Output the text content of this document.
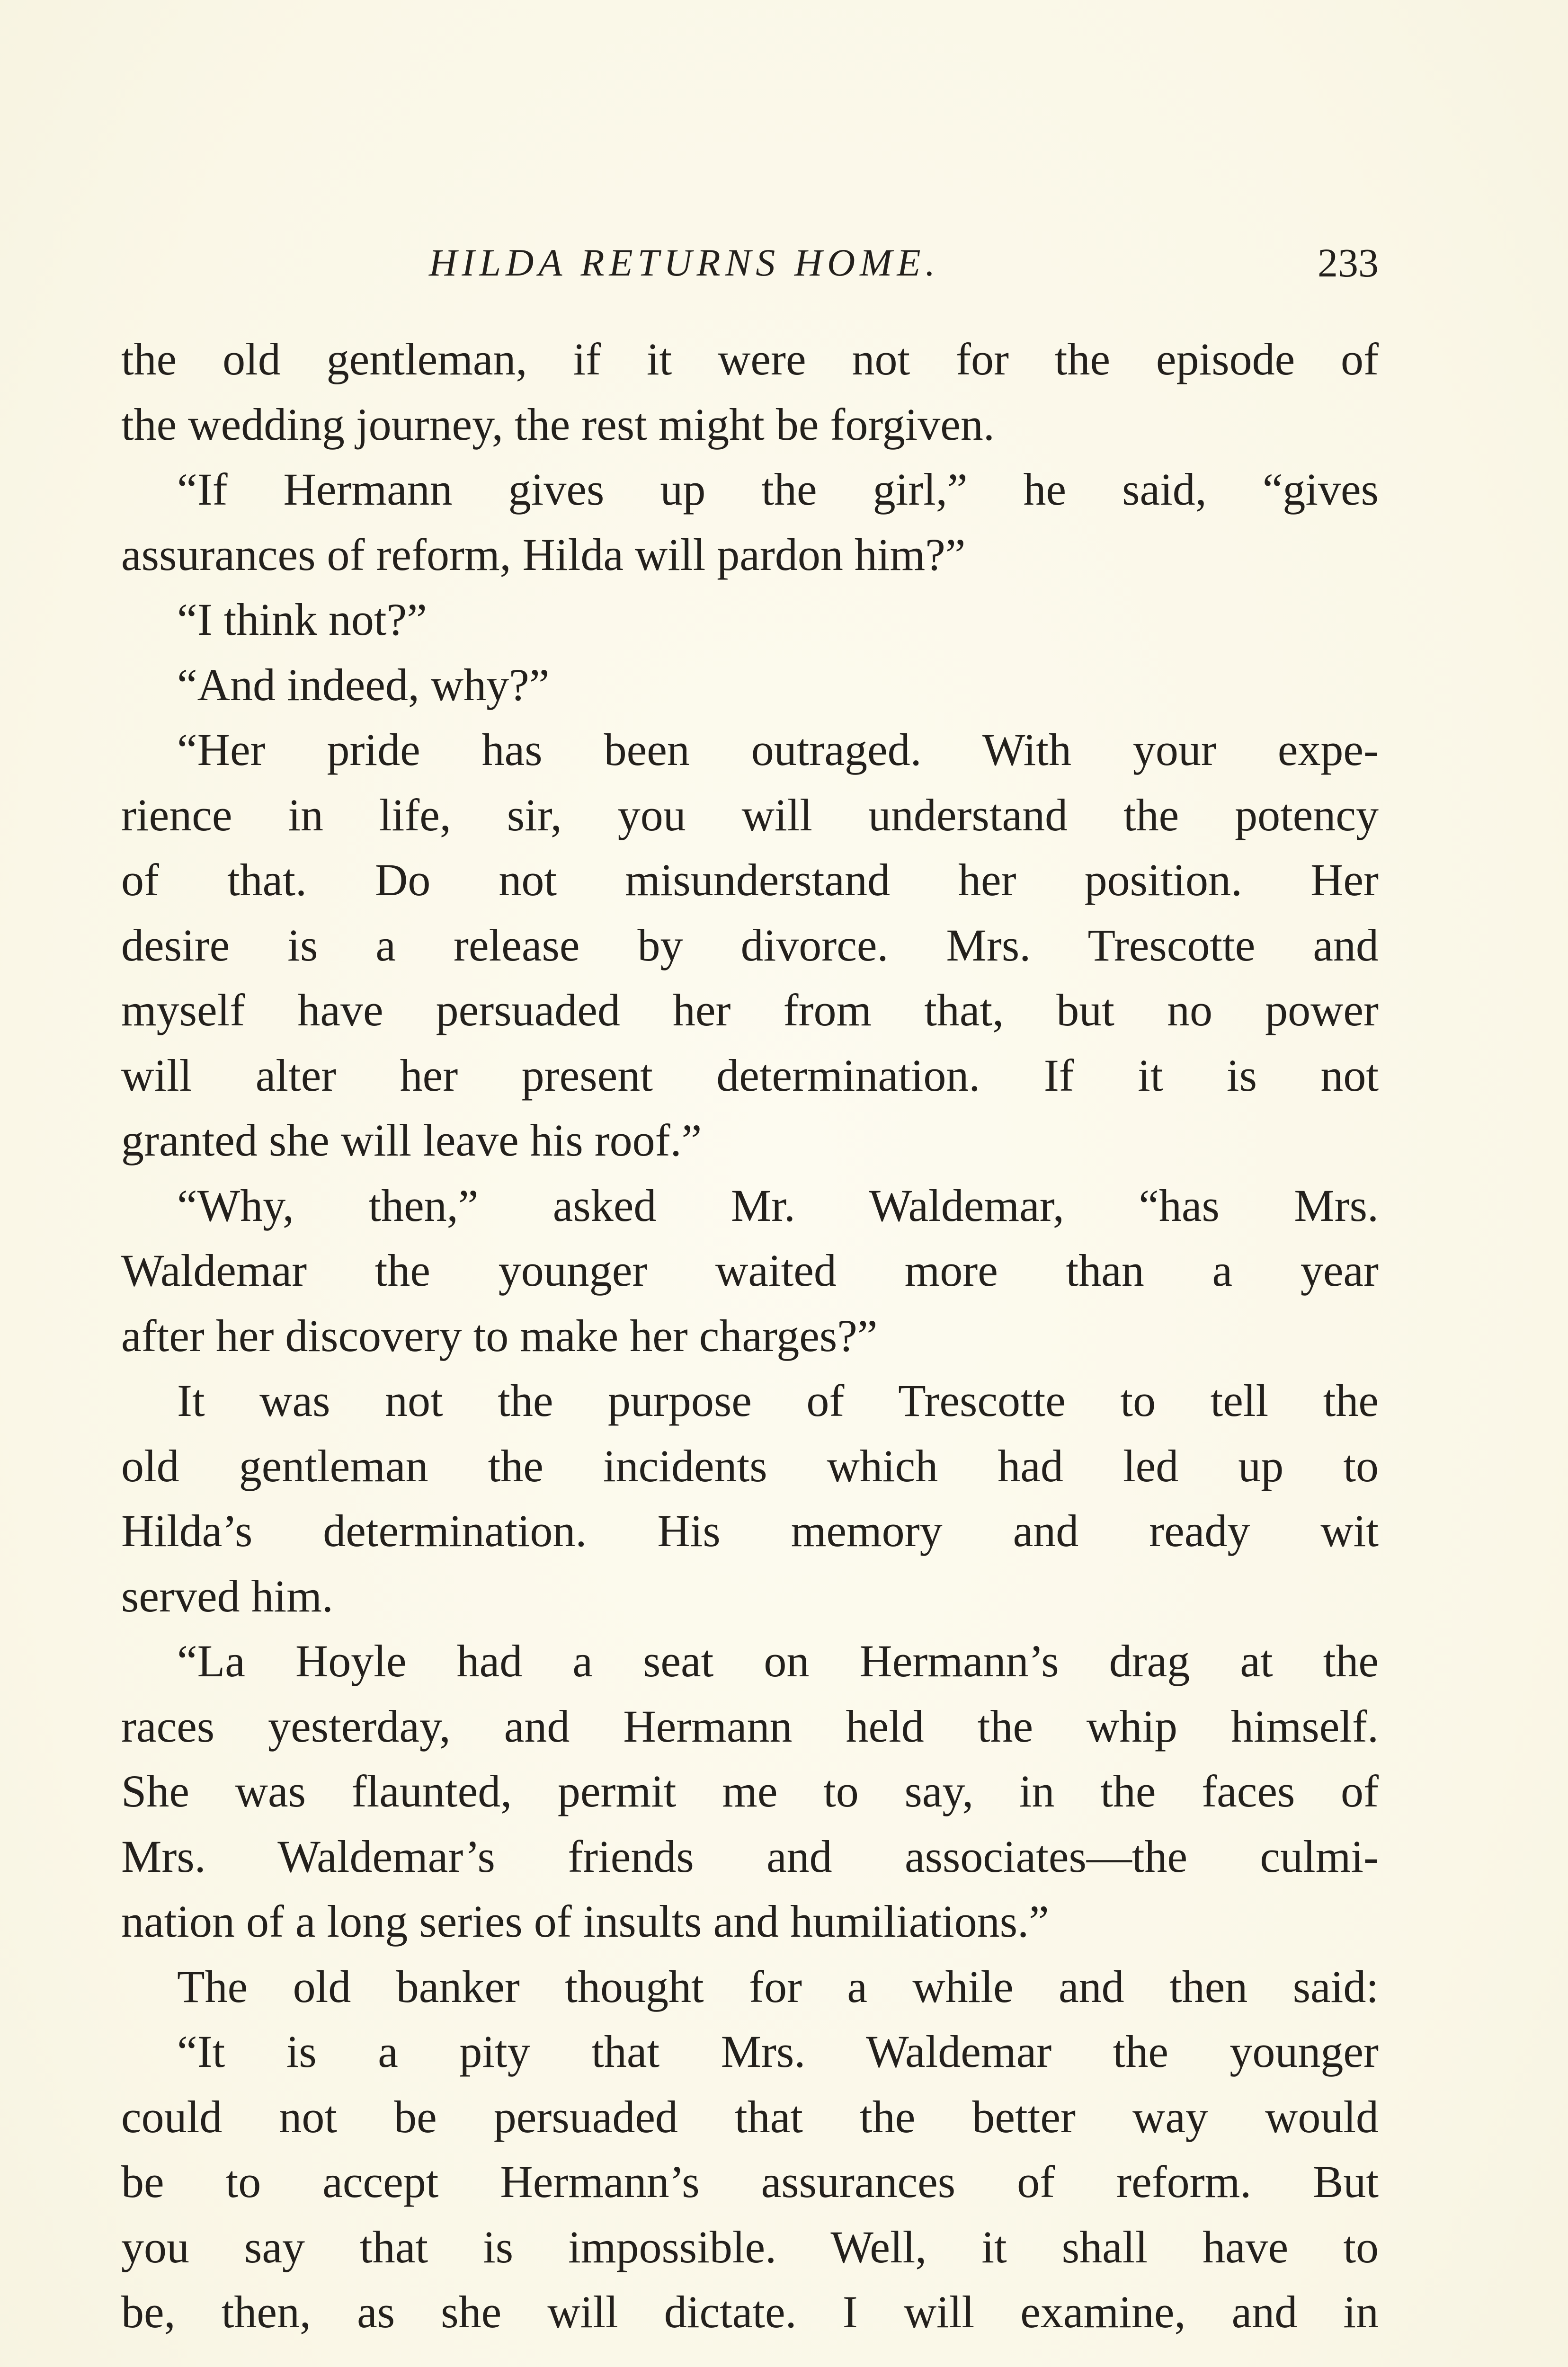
HILDA RETURNS HOME.	233
the old gentleman, if it were not for the episode of
the wedding journey, the rest might be forgiven.
“If Hermann gives up the girl,” he said, “gives
assurances of reform, Hilda will pardon him?”
“I think not?”
“And indeed, why?”
“Her pride has been outraged. With your expe-
rience in life, sir, you will understand the potency
of that. Do not misunderstand her position. Her
desire is a release by divorce. Mrs. Trescotte and
myself have persuaded her from that, but no power
will alter her present determination. If it is not
granted she will leave his roof.”
“Why, then,” asked Mr. Waldemar, “has Mrs.
Waldemar the younger waited more than a year
after her discovery to make her charges?”
It was not the purpose of Trescotte to tell the
old gentleman the incidents which had led up to
Hilda’s determination. His memory and ready wit
served him.
“La Hoyle had a seat on Hermann’s drag at the
races yesterday, and Hermann held the whip himself.
She was flaunted, permit me to say, in the faces of
Mrs. Waldemar’s friends and associates—the culmi-
nation of a long series of insults and humiliations.”
The old banker thought for a while and then said:
“It is a pity that Mrs. Waldemar the younger
could not be persuaded that the better way would
be to accept Hermann’s assurances of reform. But
you say that is impossible. Well, it shall have to
be, then, as she will dictate. I will examine, and in
